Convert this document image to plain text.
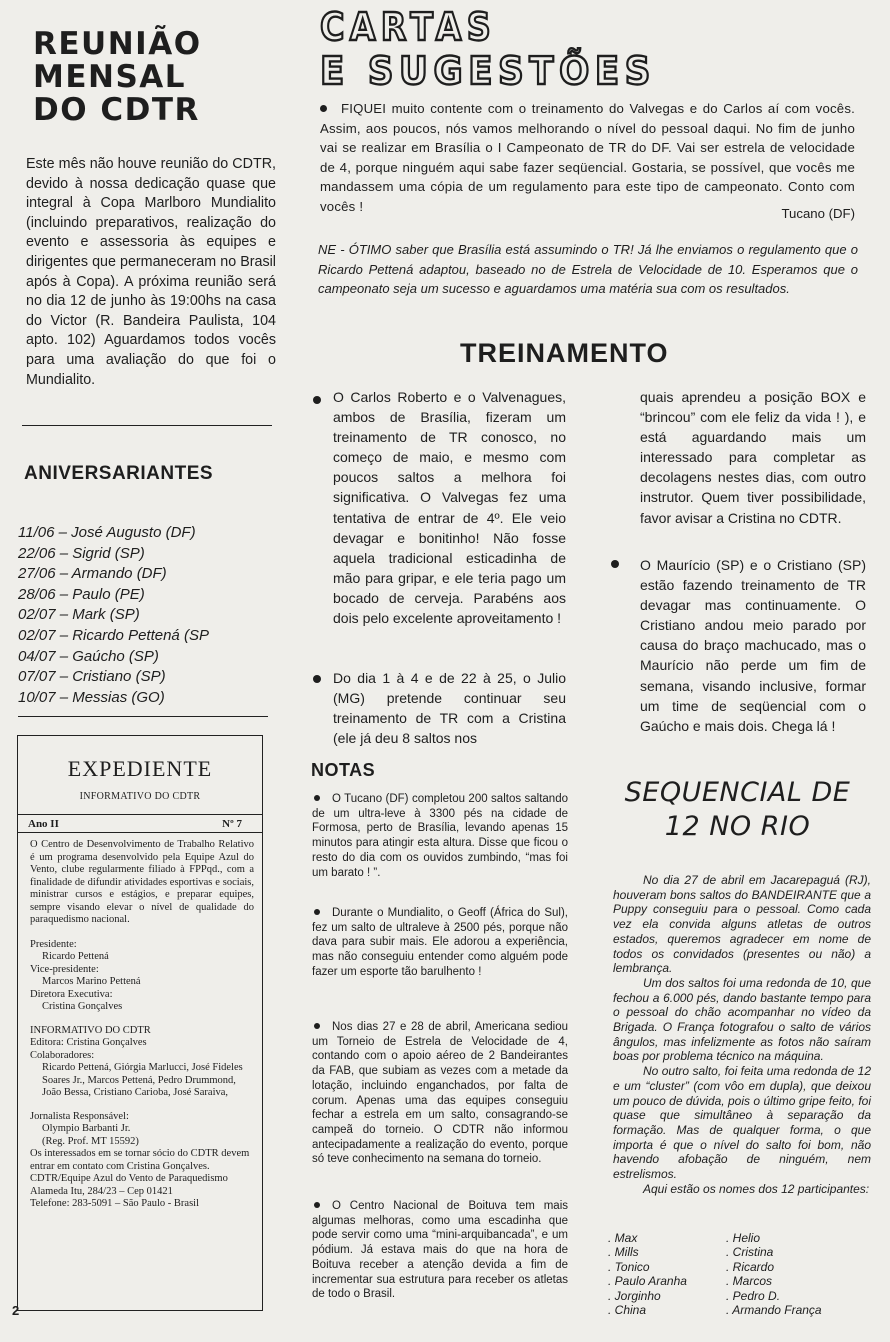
REUNIÃO
MENSAL
DO CDTR

Este mês não houve reunião do CDTR, devido à nossa dedicação quase que integral à Copa Marlboro Mundialito (incluindo preparativos, realização do evento e assessoria às equipes e dirigentes que permaneceram no Brasil após à Copa). A próxima reunião será no dia 12 de junho às 19:00hs na casa do Victor (R. Bandeira Paulista, 104 apto. 102) Aguardamos todos vocês para uma avaliação do que foi o Mundialito.

ANIVERSARIANTES
11/06 – José Augusto (DF)
22/06 – Sigrid (SP)
27/06 – Armando (DF)
28/06 – Paulo (PE)
02/07 – Mark (SP)
02/07 – Ricardo Pettená (SP
04/07 – Gaúcho (SP)
07/07 – Cristiano (SP)
10/07 – Messias (GO)
EXPEDIENTE
INFORMATIVO DO CDTR
Ano II	Nº 7

O Centro de Desenvolvimento de Trabalho Relativo é um programa desenvolvido pela Equipe Azul do Vento, clube regularmente filiado à FPPqd., com a finalidade de difundir atividades esportivas e sociais, ministrar cursos e estágios, e preparar equipes, sempre visando elevar o nível de qualidade do paraquedismo nacional.

Presidente:
Ricardo Pettená
Vice-presidente:
Marcos Marino Pettená
Diretora Executiva:
Cristina Gonçalves
INFORMATIVO DO CDTR
Editora: Cristina Gonçalves
Colaboradores:
Ricardo Pettená, Giórgia Marlucci, José Fideles Soares Jr., Marcos Pettená, Pedro Drummond, João Bessa, Cristiano Carioba, José Saraiva,
Jornalista Responsável:
Olympio Barbanti Jr.
(Reg. Prof. MT 15592)
Os interessados em se tornar sócio do CDTR devem entrar em contato com Cristina Gonçalves.
CDTR/Equipe Azul do Vento de Paraquedismo
Alameda Itu, 284/23 – Cep 01421
Telefone: 283-5091 – São Paulo - Brasil
2
CARTAS
E SUGESTÕES
FIQUEI muito contente com o treinamento do Valvegas e do Carlos aí com vocês. Assim, aos poucos, nós vamos melhorando o nível do pessoal daqui. No fim de junho vai se realizar em Brasília o I Campeonato de TR do DF. Vai ser estrela de velocidade de 4, porque ninguém aqui sabe fazer seqüencial. Gostaria, se possível, que vocês me mandassem uma cópia de um regulamento para este tipo de campeonato. Conto com vocês !	Tucano (DF)

NE - ÓTIMO saber que Brasília está assumindo o TR! Já lhe enviamos o regulamento que o Ricardo Pettená adaptou, baseado no de Estrela de Velocidade de 10. Esperamos que o campeonato seja um sucesso e aguardamos uma matéria sua com os resultados.

TREINAMENTO

O Carlos Roberto e o Valvenagues, ambos de Brasília, fizeram um treinamento de TR conosco, no começo de maio, e mesmo com poucos saltos a melhora foi significativa. O Valvegas fez uma tentativa de entrar de 4º. Ele veio devagar e bonitinho! Não fosse aquela tradicional esticadinha de mão para gripar, e ele teria pago um bocado de cerveja. Parabéns aos dois pelo excelente aproveitamento !

Do dia 1 à 4 e de 22 à 25, o Julio (MG) pretende continuar seu treinamento de TR com a Cristina (ele já deu 8 saltos nos

quais aprendeu a posição BOX e “brincou” com ele feliz da vida ! ), e está aguardando mais um interessado para completar as decolagens nestes dias, com outro instrutor. Quem tiver possibilidade, favor avisar a Cristina no CDTR.

O Maurício (SP) e o Cristiano (SP) estão fazendo treinamento de TR devagar mas continuamente. O Cristiano andou meio parado por causa do braço machucado, mas o Maurício não perde um fim de semana, visando inclusive, formar um time de seqüencial com o Gaúcho e mais dois. Chega lá !

NOTAS

O Tucano (DF) completou 200 saltos saltando de um ultra-leve à 3300 pés na cidade de Formosa, perto de Brasília, levando apenas 15 minutos para atingir esta altura. Disse que ficou o resto do dia com os ouvidos zumbindo, “mas foi um barato ! ”.

Durante o Mundialito, o Geoff (África do Sul), fez um salto de ultraleve à 2500 pés, porque não dava para subir mais. Ele adorou a experiência, mas não conseguiu entender como alguém pode fazer um esporte tão barulhento !

Nos dias 27 e 28 de abril, Americana sediou um Torneio de Estrela de Velocidade de 4, contando com o apoio aéreo de 2 Bandeirantes da FAB, que subiam as vezes com a metade da lotação, incluindo enganchados, por falta de corum. Apenas uma das equipes conseguiu fechar a estrela em um salto, consagrando-se campeã do torneio. O CDTR não informou antecipadamente a realização do evento, porque só teve conhecimento na semana do torneio.

O Centro Nacional de Boituva tem mais algumas melhoras, como uma escadinha que pode servir como uma “mini-arquibancada”, e um pódium. Já estava mais do que na hora de Boituva receber a atenção devida a fim de incrementar sua estrutura para receber os atletas de todo o Brasil.

SEQUENCIAL DE
12 NO RIO

No dia 27 de abril em Jacarepaguá (RJ), houveram bons saltos do BANDEIRANTE que a Puppy conseguiu para o pessoal. Como cada vez ela convida alguns atletas de outros estados, queremos agradecer em nome de todos os convidados (presentes ou não) a lembrança.

Um dos saltos foi uma redonda de 10, que fechou a 6.000 pés, dando bastante tempo para o pessoal do chão acompanhar no vídeo da Brigada. O França fotografou o salto de vários ângulos, mas infelizmente as fotos não saíram boas por problema técnico na máquina.

No outro salto, foi feita uma redonda de 12 e um “cluster” (com vôo em dupla), que deixou um pouco de dúvida, pois o último gripe feito, foi quase que simultâneo à separação da formação. Mas de qualquer forma, o que importa é que o nível do salto foi bom, não havendo afobação de ninguém, nem estrelismos.

Aqui estão os nomes dos 12 participantes:

. Max	. Helio
. Mills	. Cristina
. Tonico	. Ricardo
. Paulo Aranha	. Marcos
. Jorginho	. Pedro D.
. China	. Armando França
